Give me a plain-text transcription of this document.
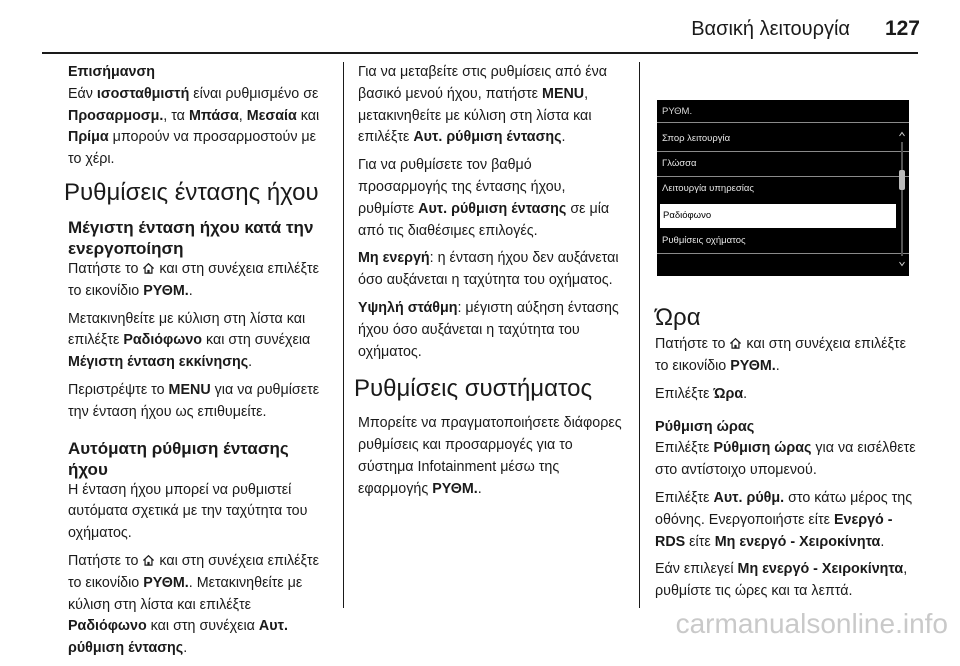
Βασική λειτουργία 127
Επισήμανση

Εάν ισοσταθμιστή είναι ρυθμισμένο σε Προσαρμοσμ., τα Μπάσα, Μεσαία και Πρίμα μπορούν να προσαρμοστούν με το χέρι.

Ρυθμίσεις έντασης ήχου
Μέγιστη ένταση ήχου κατά την ενεργοποίηση

Πατήστε το  και στη συνέχεια επιλέξτε το εικονίδιο ΡΥΘΜ..

Μετακινηθείτε με κύλιση στη λίστα και επιλέξτε Ραδιόφωνο και στη συνέχεια Μέγιστη ένταση εκκίνησης.

Περιστρέψτε το MENU για να ρυθμίσετε την ένταση ήχου ως επιθυμείτε.

Αυτόματη ρύθμιση έντασης ήχου

Η ένταση ήχου μπορεί να ρυθμιστεί αυτόματα σχετικά με την ταχύτητα του οχήματος.

Πατήστε το  και στη συνέχεια επιλέξτε το εικονίδιο ΡΥΘΜ.. Μετακινηθείτε με κύλιση στη λίστα και επιλέξτε Ραδιόφωνο και στη συνέχεια Αυτ. ρύθμιση έντασης.

Για να μεταβείτε στις ρυθμίσεις από ένα βασικό μενού ήχου, πατήστε MENU, μετακινηθείτε με κύλιση στη λίστα και επιλέξτε Αυτ. ρύθμιση έντασης.

Για να ρυθμίσετε τον βαθμό προσαρμογής της έντασης ήχου, ρυθμίστε Αυτ. ρύθμιση έντασης σε μία από τις διαθέσιμες επιλογές.

Μη ενεργή: η ένταση ήχου δεν αυξάνεται όσο αυξάνεται η ταχύτητα του οχήματος.

Υψηλή στάθμη: μέγιστη αύξηση έντασης ήχου όσο αυξάνεται η ταχύτητα του οχήματος.

Ρυθμίσεις συστήματος

Μπορείτε να πραγματοποιήσετε διάφορες ρυθμίσεις και προσαρμογές για το σύστημα Infotainment μέσω της εφαρμογής ΡΥΘΜ..

ΡΥΘΜ.
Σπορ λειτουργία
Γλώσσα
Λειτουργία υπηρεσίας
Ραδιόφωνο
Ρυθμίσεις οχήματος
Ώρα

Πατήστε το  και στη συνέχεια επιλέξτε το εικονίδιο ΡΥΘΜ..

Επιλέξτε Ώρα.

Ρύθμιση ώρας

Επιλέξτε Ρύθμιση ώρας για να εισέλθετε στο αντίστοιχο υπομενού.

Επιλέξτε Αυτ. ρύθμ. στο κάτω μέρος της οθόνης. Ενεργοποιήστε είτε Ενεργό - RDS είτε Μη ενεργό - Χειροκίνητα.

Εάν επιλεγεί Μη ενεργό - Χειροκίνητα, ρυθμίστε τις ώρες και τα λεπτά.

carmanualsonline.info
